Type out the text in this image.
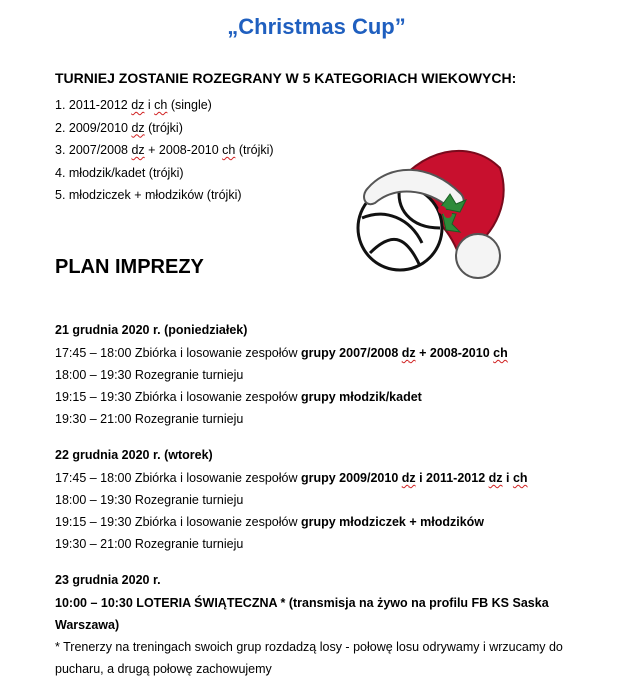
„Christmas Cup”
TURNIEJ ZOSTANIE ROZEGRANY W 5 KATEGORIACH WIEKOWYCH:
1. 2011-2012 dz i ch (single)
2. 2009/2010 dz (trójki)
3. 2007/2008 dz + 2008-2010 ch (trójki)
4. młodzik/kadet (trójki)
5. młodziczek + młodzików (trójki)
PLAN IMPREZY
21 grudnia 2020 r. (poniedziałek)
17:45 – 18:00 Zbiórka i losowanie zespołów grupy 2007/2008 dz + 2008-2010 ch
18:00 – 19:30 Rozegranie turnieju
19:15 – 19:30 Zbiórka i losowanie zespołów grupy młodzik/kadet
19:30 – 21:00 Rozegranie turnieju
22 grudnia 2020 r. (wtorek)
17:45 – 18:00 Zbiórka i losowanie zespołów grupy 2009/2010 dz i 2011-2012 dz i ch
18:00 – 19:30 Rozegranie turnieju
19:15 – 19:30 Zbiórka i losowanie zespołów grupy młodziczek + młodzików
19:30 – 21:00 Rozegranie turnieju
23 grudnia 2020 r.
10:00 – 10:30 LOTERIA ŚWIĄTECZNA * (transmisja na żywo na profilu FB KS Saska Warszawa)
* Trenerzy na treningach swoich grup rozdadzą losy - połowę losu odrywamy i wrzucamy do pucharu, a drugą połowę zachowujemy
